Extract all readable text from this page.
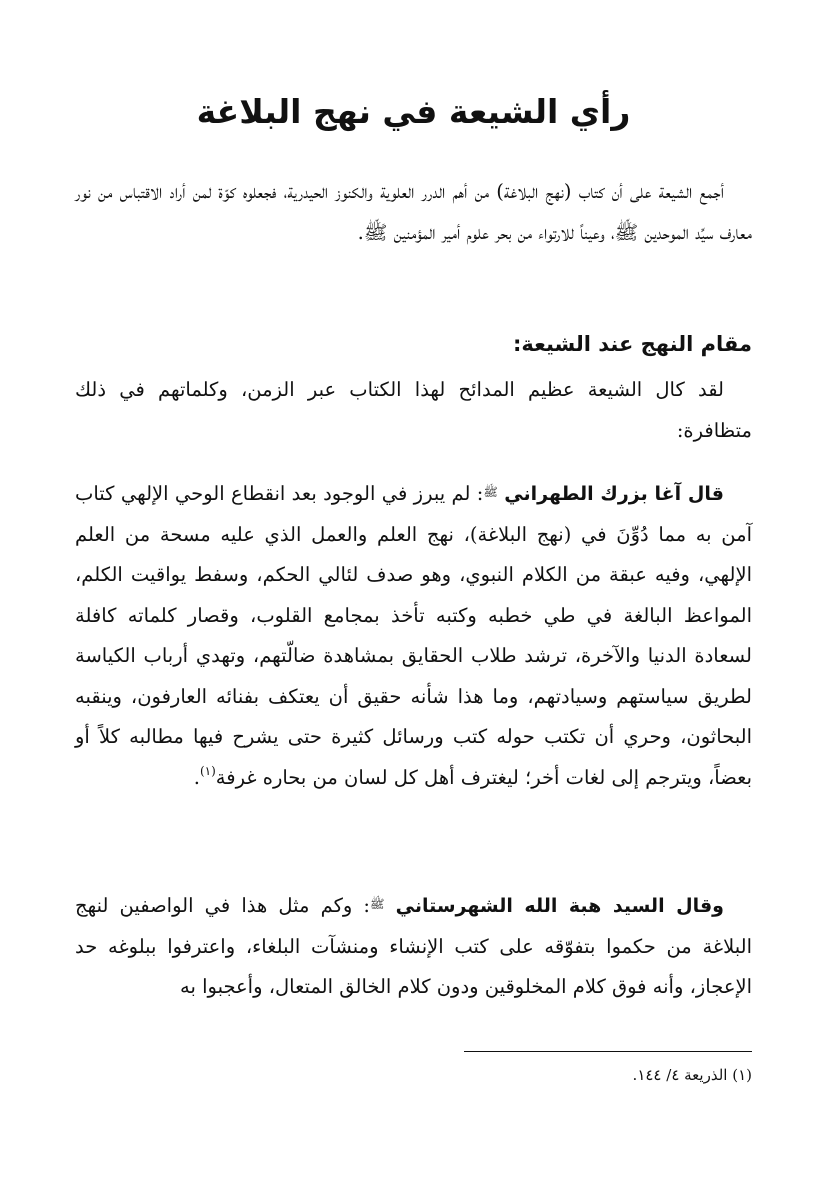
رأي الشيعة في نهج البلاغة

أجمع الشيعة على أن كتاب (نهج البلاغة) من أهم الدرر العلوية والكنوز الحيدرية، فجعلوه كوّة لمن أراد الاقتباس من نور معارف سيِّد الموحدين ﷺ، وعيناً للارتواء من بحر علوم أمير المؤمنين ﷺ.

مقام النهج عند الشيعة:

لقد كال الشيعة عظيم المدائح لهذا الكتاب عبر الزمن، وكلماتهم في ذلك متظافرة:

قال آغا بزرك الطهراني $^ﷺ$: لم يبرز في الوجود بعد انقطاع الوحي الإلهي كتاب آمن به مما دُوِّنَ في (نهج البلاغة)، نهج العلم والعمل الذي عليه مسحة من العلم الإلهي، وفيه عبقة من الكلام النبوي، وهو صدف لئالي الحكم، وسفط يواقيت الكلم، المواعظ البالغة في طي خطبه وكتبه تأخذ بمجامع القلوب، وقصار كلماته كافلة لسعادة الدنيا والآخرة، ترشد طلاب الحقايق بمشاهدة ضالّتهم، وتهدي أرباب الكياسة لطريق سياستهم وسيادتهم، وما هذا شأنه حقيق أن يعتكف بفنائه العارفون، وينقبه البحاثون، وحري أن تكتب حوله كتب ورسائل كثيرة حتى يشرح فيها مطالبه كلاً أو بعضاً، ويترجم إلى لغات أخر؛ ليغترف أهل كل لسان من بحاره غرفة$^{(١)}$.

وقال السيد هبة الله الشهرستاني $^ﷺ$: وكم مثل هذا في الواصفين لنهج البلاغة من حكموا بتفوّقه على كتب الإنشاء ومنشآت البلغاء، واعترفوا ببلوغه حد الإعجاز، وأنه فوق كلام المخلوقين ودون كلام الخالق المتعال، وأعجبوا به

(١) الذريعة ٤/ ١٤٤.
